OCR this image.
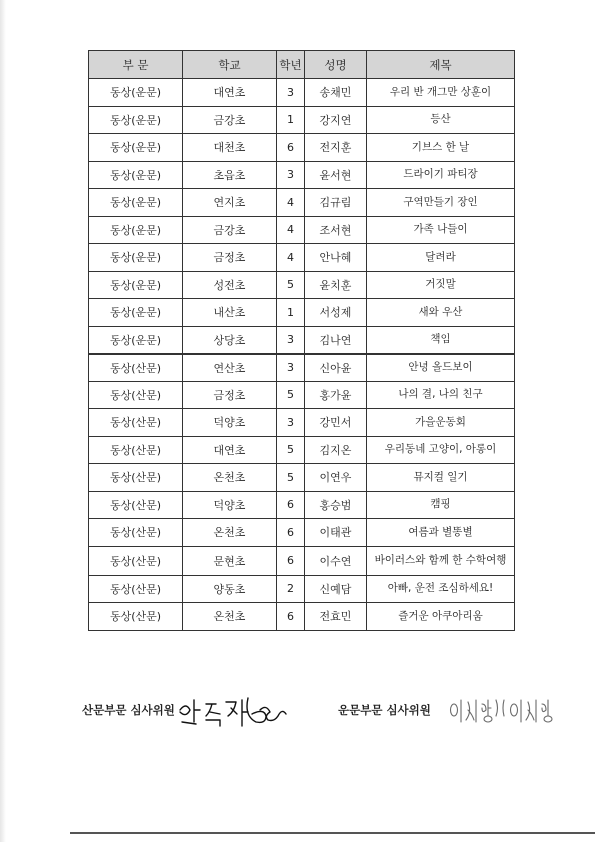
부 문	학교	학년	성명	제목
동상(운문)	대연초	3	송채민	우리 반 개그만 상훈이
동상(운문)	금강초	1	강지연	등산
동상(운문)	대천초	6	전지훈	기브스 한 날
동상(운문)	초읍초	3	윤서현	드라이기 파티장
동상(운문)	연지초	4	김규림	구역만들기 장인
동상(운문)	금강초	4	조서현	가족 나들이
동상(운문)	금정초	4	안나혜	달려라
동상(운문)	성전초	5	윤치훈	거짓말
동상(운문)	내산초	1	서성제	새와 우산
동상(운문)	상당초	3	김나연	책임
동상(산문)	연산초	3	신아윤	안녕 올드보이
동상(산문)	금정초	5	홍가윤	나의 결, 나의 친구
동상(산문)	덕양초	3	강민서	가을운동회
동상(산문)	대연초	5	김지온	우리동네 고양이, 아롱이
동상(산문)	온천초	5	이연우	뮤지컬 일기
동상(산문)	덕양초	6	홍승범	캠핑
동상(산문)	온천초	6	이태관	여름과 별똥별
동상(산문)	문현초	6	이수연	바이러스와 함께 한 수학여행
동상(산문)	양동초	2	신예담	아빠, 운전 조심하세요!
동상(산문)	온천초	6	전효민	즐거운 아쿠아리움
산문부문 심사위원	운문부문 심사위원
